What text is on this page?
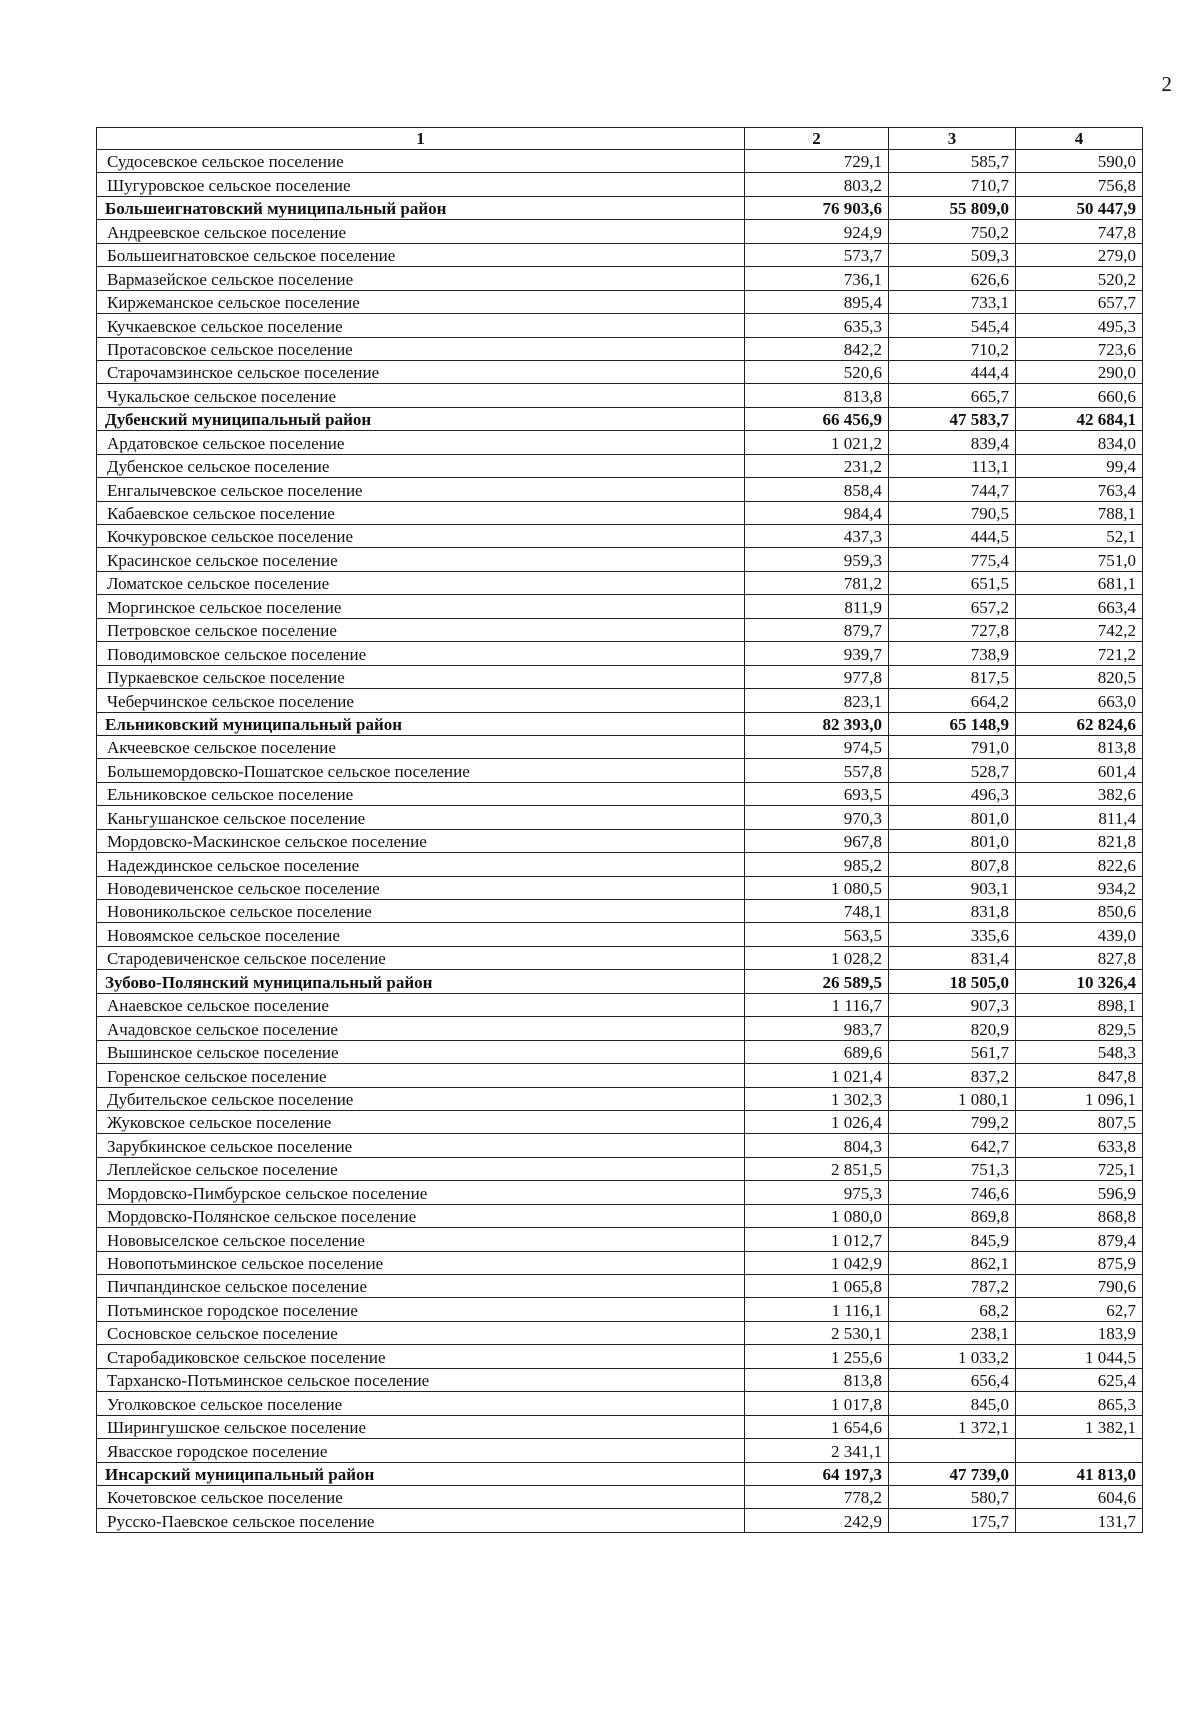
2
1	2	3	4
Судосевское сельское поселение	729,1	585,7	590,0
Шугуровское сельское поселение	803,2	710,7	756,8
Большеигнатовский муниципальный район	76 903,6	55 809,0	50 447,9
Андреевское сельское поселение	924,9	750,2	747,8
Большеигнатовское сельское поселение	573,7	509,3	279,0
Вармазейское сельское поселение	736,1	626,6	520,2
Киржеманское сельское поселение	895,4	733,1	657,7
Кучкаевское сельское поселение	635,3	545,4	495,3
Протасовское сельское поселение	842,2	710,2	723,6
Старочамзинское сельское поселение	520,6	444,4	290,0
Чукальское сельское поселение	813,8	665,7	660,6
Дубенский муниципальный район	66 456,9	47 583,7	42 684,1
Ардатовское сельское поселение	1 021,2	839,4	834,0
Дубенское сельское поселение	231,2	113,1	99,4
Енгалычевское сельское поселение	858,4	744,7	763,4
Кабаевское сельское поселение	984,4	790,5	788,1
Кочкуровское сельское поселение	437,3	444,5	52,1
Красинское сельское поселение	959,3	775,4	751,0
Ломатское сельское поселение	781,2	651,5	681,1
Моргинское сельское поселение	811,9	657,2	663,4
Петровское сельское поселение	879,7	727,8	742,2
Поводимовское сельское поселение	939,7	738,9	721,2
Пуркаевское сельское поселение	977,8	817,5	820,5
Чеберчинское сельское поселение	823,1	664,2	663,0
Ельниковский муниципальный район	82 393,0	65 148,9	62 824,6
Акчеевское сельское поселение	974,5	791,0	813,8
Большемордовско-Пошатское сельское поселение	557,8	528,7	601,4
Ельниковское сельское поселение	693,5	496,3	382,6
Каньгушанское сельское поселение	970,3	801,0	811,4
Мордовско-Маскинское сельское поселение	967,8	801,0	821,8
Надеждинское сельское поселение	985,2	807,8	822,6
Новодевиченское сельское поселение	1 080,5	903,1	934,2
Новоникольское сельское поселение	748,1	831,8	850,6
Новоямское сельское поселение	563,5	335,6	439,0
Стародевиченское сельское поселение	1 028,2	831,4	827,8
Зубово-Полянский муниципальный район	26 589,5	18 505,0	10 326,4
Анаевское сельское поселение	1 116,7	907,3	898,1
Ачадовское сельское поселение	983,7	820,9	829,5
Вышинское сельское поселение	689,6	561,7	548,3
Горенское сельское поселение	1 021,4	837,2	847,8
Дубительское сельское поселение	1 302,3	1 080,1	1 096,1
Жуковское сельское поселение	1 026,4	799,2	807,5
Зарубкинское сельское поселение	804,3	642,7	633,8
Леплейское сельское поселение	2 851,5	751,3	725,1
Мордовско-Пимбурское сельское поселение	975,3	746,6	596,9
Мордовско-Полянское сельское поселение	1 080,0	869,8	868,8
Нововыселское сельское поселение	1 012,7	845,9	879,4
Новопотьминское сельское поселение	1 042,9	862,1	875,9
Пичпандинское сельское поселение	1 065,8	787,2	790,6
Потьминское городское поселение	1 116,1	68,2	62,7
Сосновское сельское поселение	2 530,1	238,1	183,9
Старобадиковское сельское поселение	1 255,6	1 033,2	1 044,5
Тарханско-Потьминское сельское поселение	813,8	656,4	625,4
Уголковское сельское поселение	1 017,8	845,0	865,3
Ширингушское сельское поселение	1 654,6	1 372,1	1 382,1
Явасское городское поселение	2 341,1		
Инсарский муниципальный район	64 197,3	47 739,0	41 813,0
Кочетовское сельское поселение	778,2	580,7	604,6
Русско-Паевское сельское поселение	242,9	175,7	131,7
